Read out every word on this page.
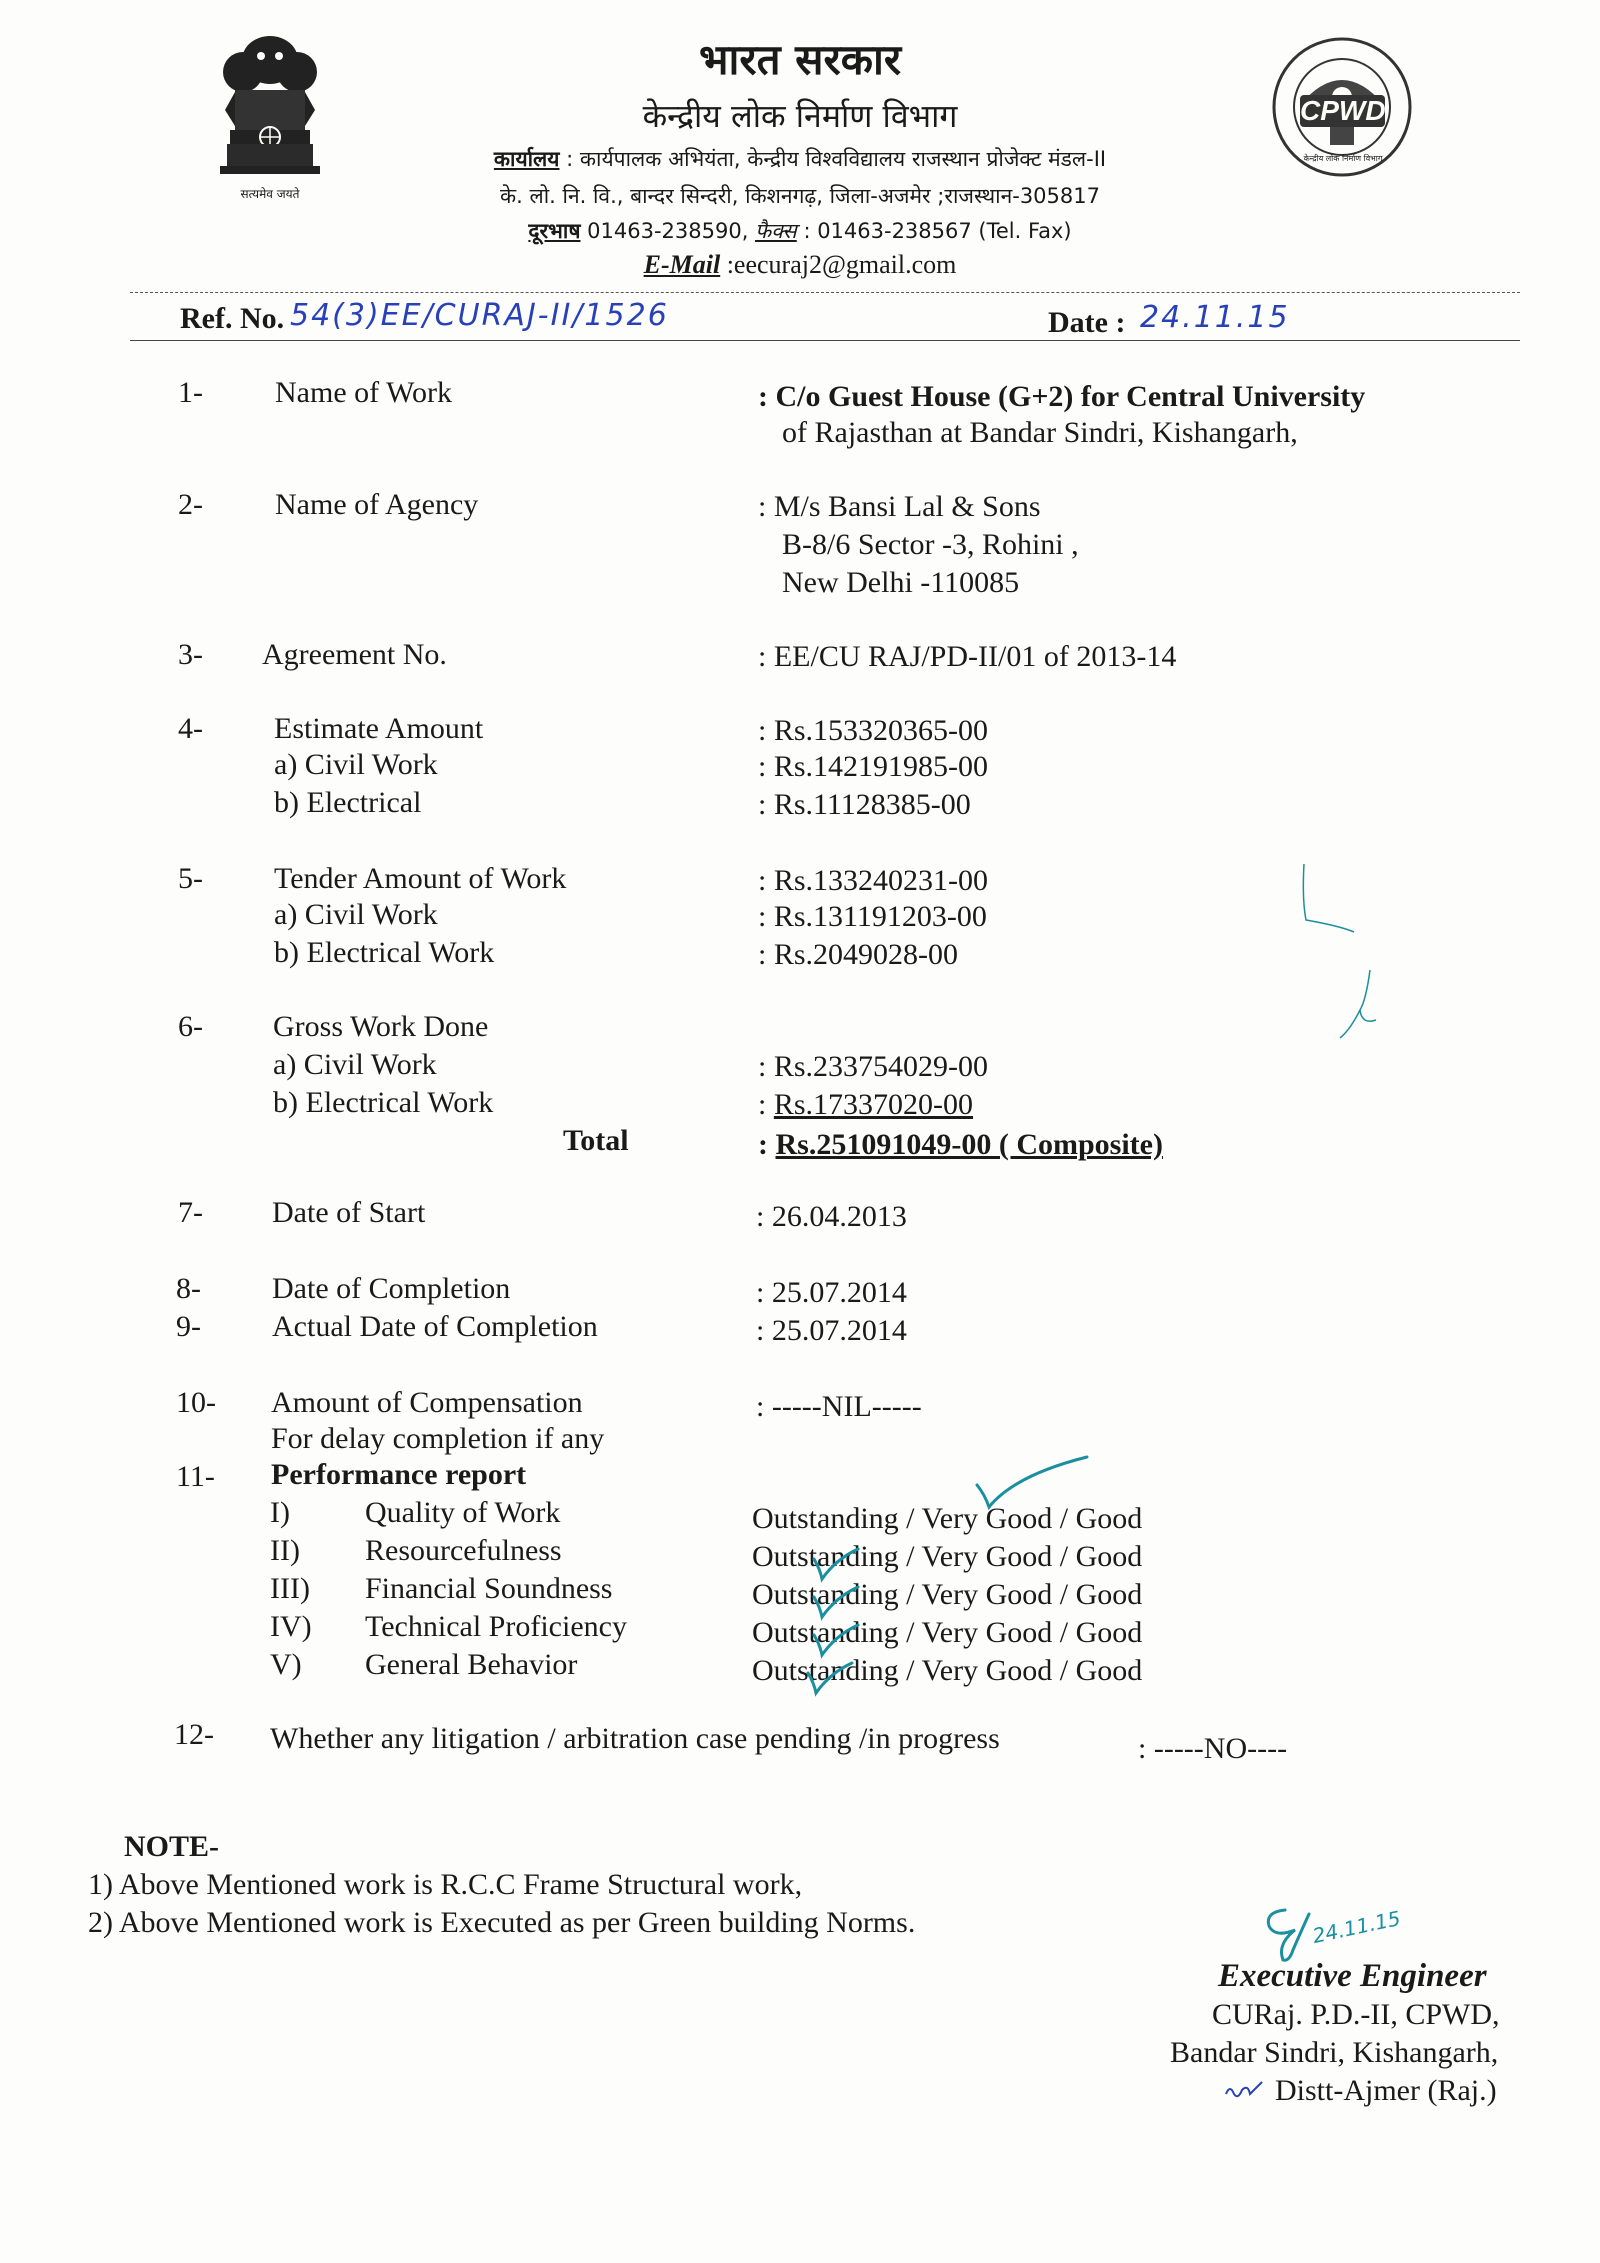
सत्यमेव जयते
CPWD
केन्द्रीय लोक निर्माण विभाग
भारत सरकार
केन्द्रीय लोक निर्माण विभाग
कार्यालय : कार्यपालक अभियंता, केन्द्रीय विश्वविद्यालय राजस्थान प्रोजेक्ट मंडल-II
के. लो. नि. वि., बान्दर सिन्दरी, किशनगढ़, जिला-अजमेर ;राजस्थान-305817
दूरभाष 01463-238590, फैक्स : 01463-238567 (Tel. Fax)
E-Mail :eecuraj2@gmail.com
Ref. No. 54(3)EE/CURAJ-II/1526	Date : 24.11.15
1- Name of Work	: C/o Guest House (G+2) for Central University
of Rajasthan at Bandar Sindri, Kishangarh,
2- Name of Agency	: M/s Bansi Lal & Sons
B-8/6 Sector -3, Rohini ,
New Delhi -110085
3- Agreement No.	: EE/CU RAJ/PD-II/01 of 2013-14
4- Estimate Amount	: Rs.153320365-00
a) Civil Work	: Rs.142191985-00
b) Electrical	: Rs.11128385-00
5- Tender Amount of Work	: Rs.133240231-00
a) Civil Work	: Rs.131191203-00
b) Electrical Work	: Rs.2049028-00
6- Gross Work Done
a) Civil Work	: Rs.233754029-00
b) Electrical Work	: Rs.17337020-00
Total	: Rs.251091049-00 ( Composite)
7- Date of Start	: 26.04.2013
8- Date of Completion	: 25.07.2014
9- Actual Date of Completion	: 25.07.2014
10- Amount of Compensation
For delay completion if any
: -----NIL-----
11- Performance report
I)	Quality of Work	Outstanding / Very Good / Good
II) Resourcefulness	Outstanding / Very Good / Good
III) Financial Soundness	Outstanding / Very Good / Good
IV) Technical Proficiency	Outstanding / Very Good / Good
V) General Behavior	Outstanding / Very Good / Good
12- Whether any litigation / arbitration case pending /in progress	: -----NO----
NOTE-
1) Above Mentioned work is R.C.C Frame Structural work,
2) Above Mentioned work is Executed as per Green building Norms.	24.11.15
Executive Engineer
CURaj. P.D.-II, CPWD,
Bandar Sindri, Kishangarh,
Distt-Ajmer (Raj.)
